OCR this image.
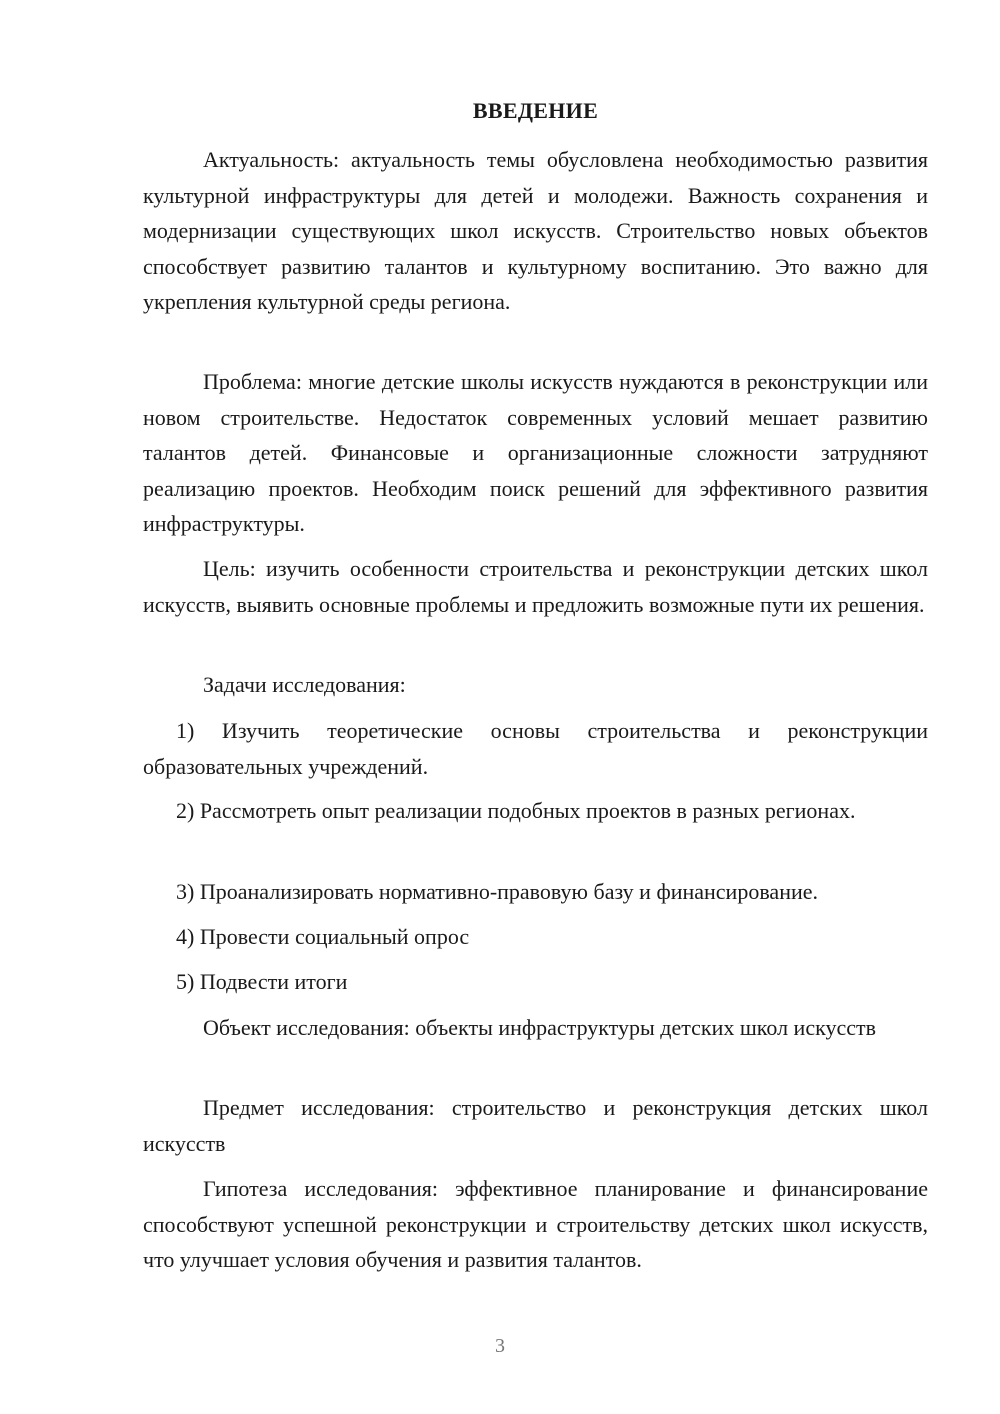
ВВЕДЕНИЕ

Актуальность: актуальность темы обусловлена необходимостью развития культурной инфраструктуры для детей и молодежи. Важность сохранения и модернизации существующих школ искусств. Строительство новых объектов способствует развитию талантов и культурному воспитанию. Это важно для укрепления культурной среды региона.

Проблема: многие детские школы искусств нуждаются в реконструкции или новом строительстве. Недостаток современных условий мешает развитию талантов детей. Финансовые и организационные сложности затрудняют реализацию проектов. Необходим поиск решений для эффективного развития инфраструктуры.

Цель: изучить особенности строительства и реконструкции детских школ искусств, выявить основные проблемы и предложить возможные пути их решения.

Задачи исследования:

1) Изучить теоретические основы строительства и реконструкции образовательных учреждений.

2) Рассмотреть опыт реализации подобных проектов в разных регионах.

3) Проанализировать нормативно-правовую базу и финансирование.

4) Провести социальный опрос

5) Подвести итоги

Объект исследования: объекты инфраструктуры детских школ искусств

Предмет исследования: строительство и реконструкция детских школ искусств

Гипотеза исследования: эффективное планирование и финансирование способствуют успешной реконструкции и строительству детских школ искусств, что улучшает условия обучения и развития талантов.

3
